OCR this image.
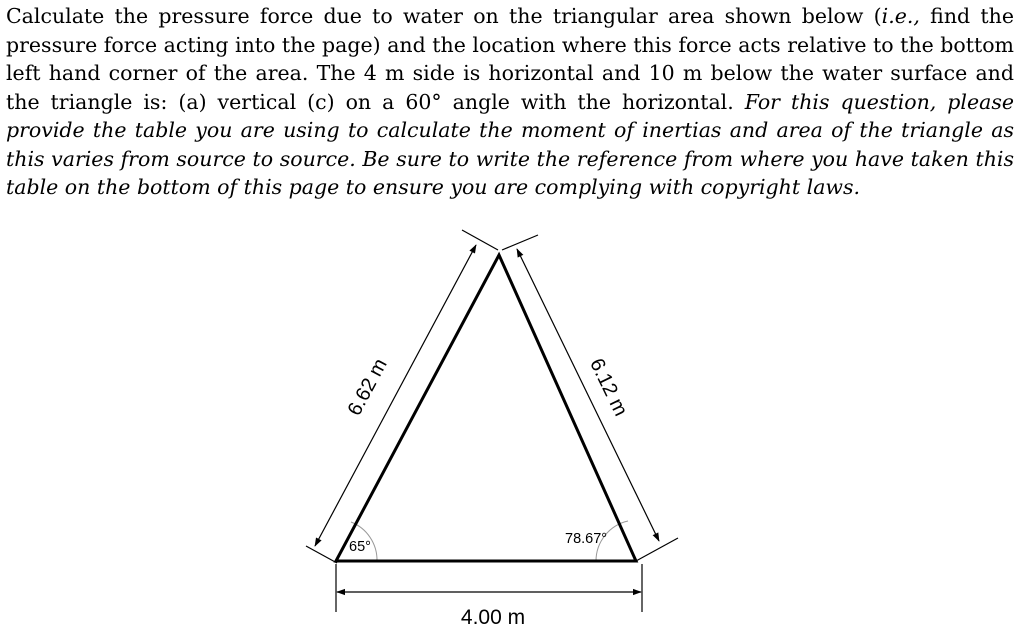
Calculate the pressure force due to water on the triangular area shown below (i.e., find the pressure force acting into the page) and the location where this force acts relative to the bottom left hand corner of the area. The 4 m side is horizontal and 10 m below the water surface and the triangle is: (a) vertical (c) on a 60° angle with the horizontal. For this question, please provide the table you are using to calculate the moment of inertias and area of the triangle as this varies from source to source. Be sure to write the reference from where you have taken this table on the bottom of this page to ensure you are complying with copyright laws.
6.62 m	6.12 m
4.00 m
65°	78.67°
